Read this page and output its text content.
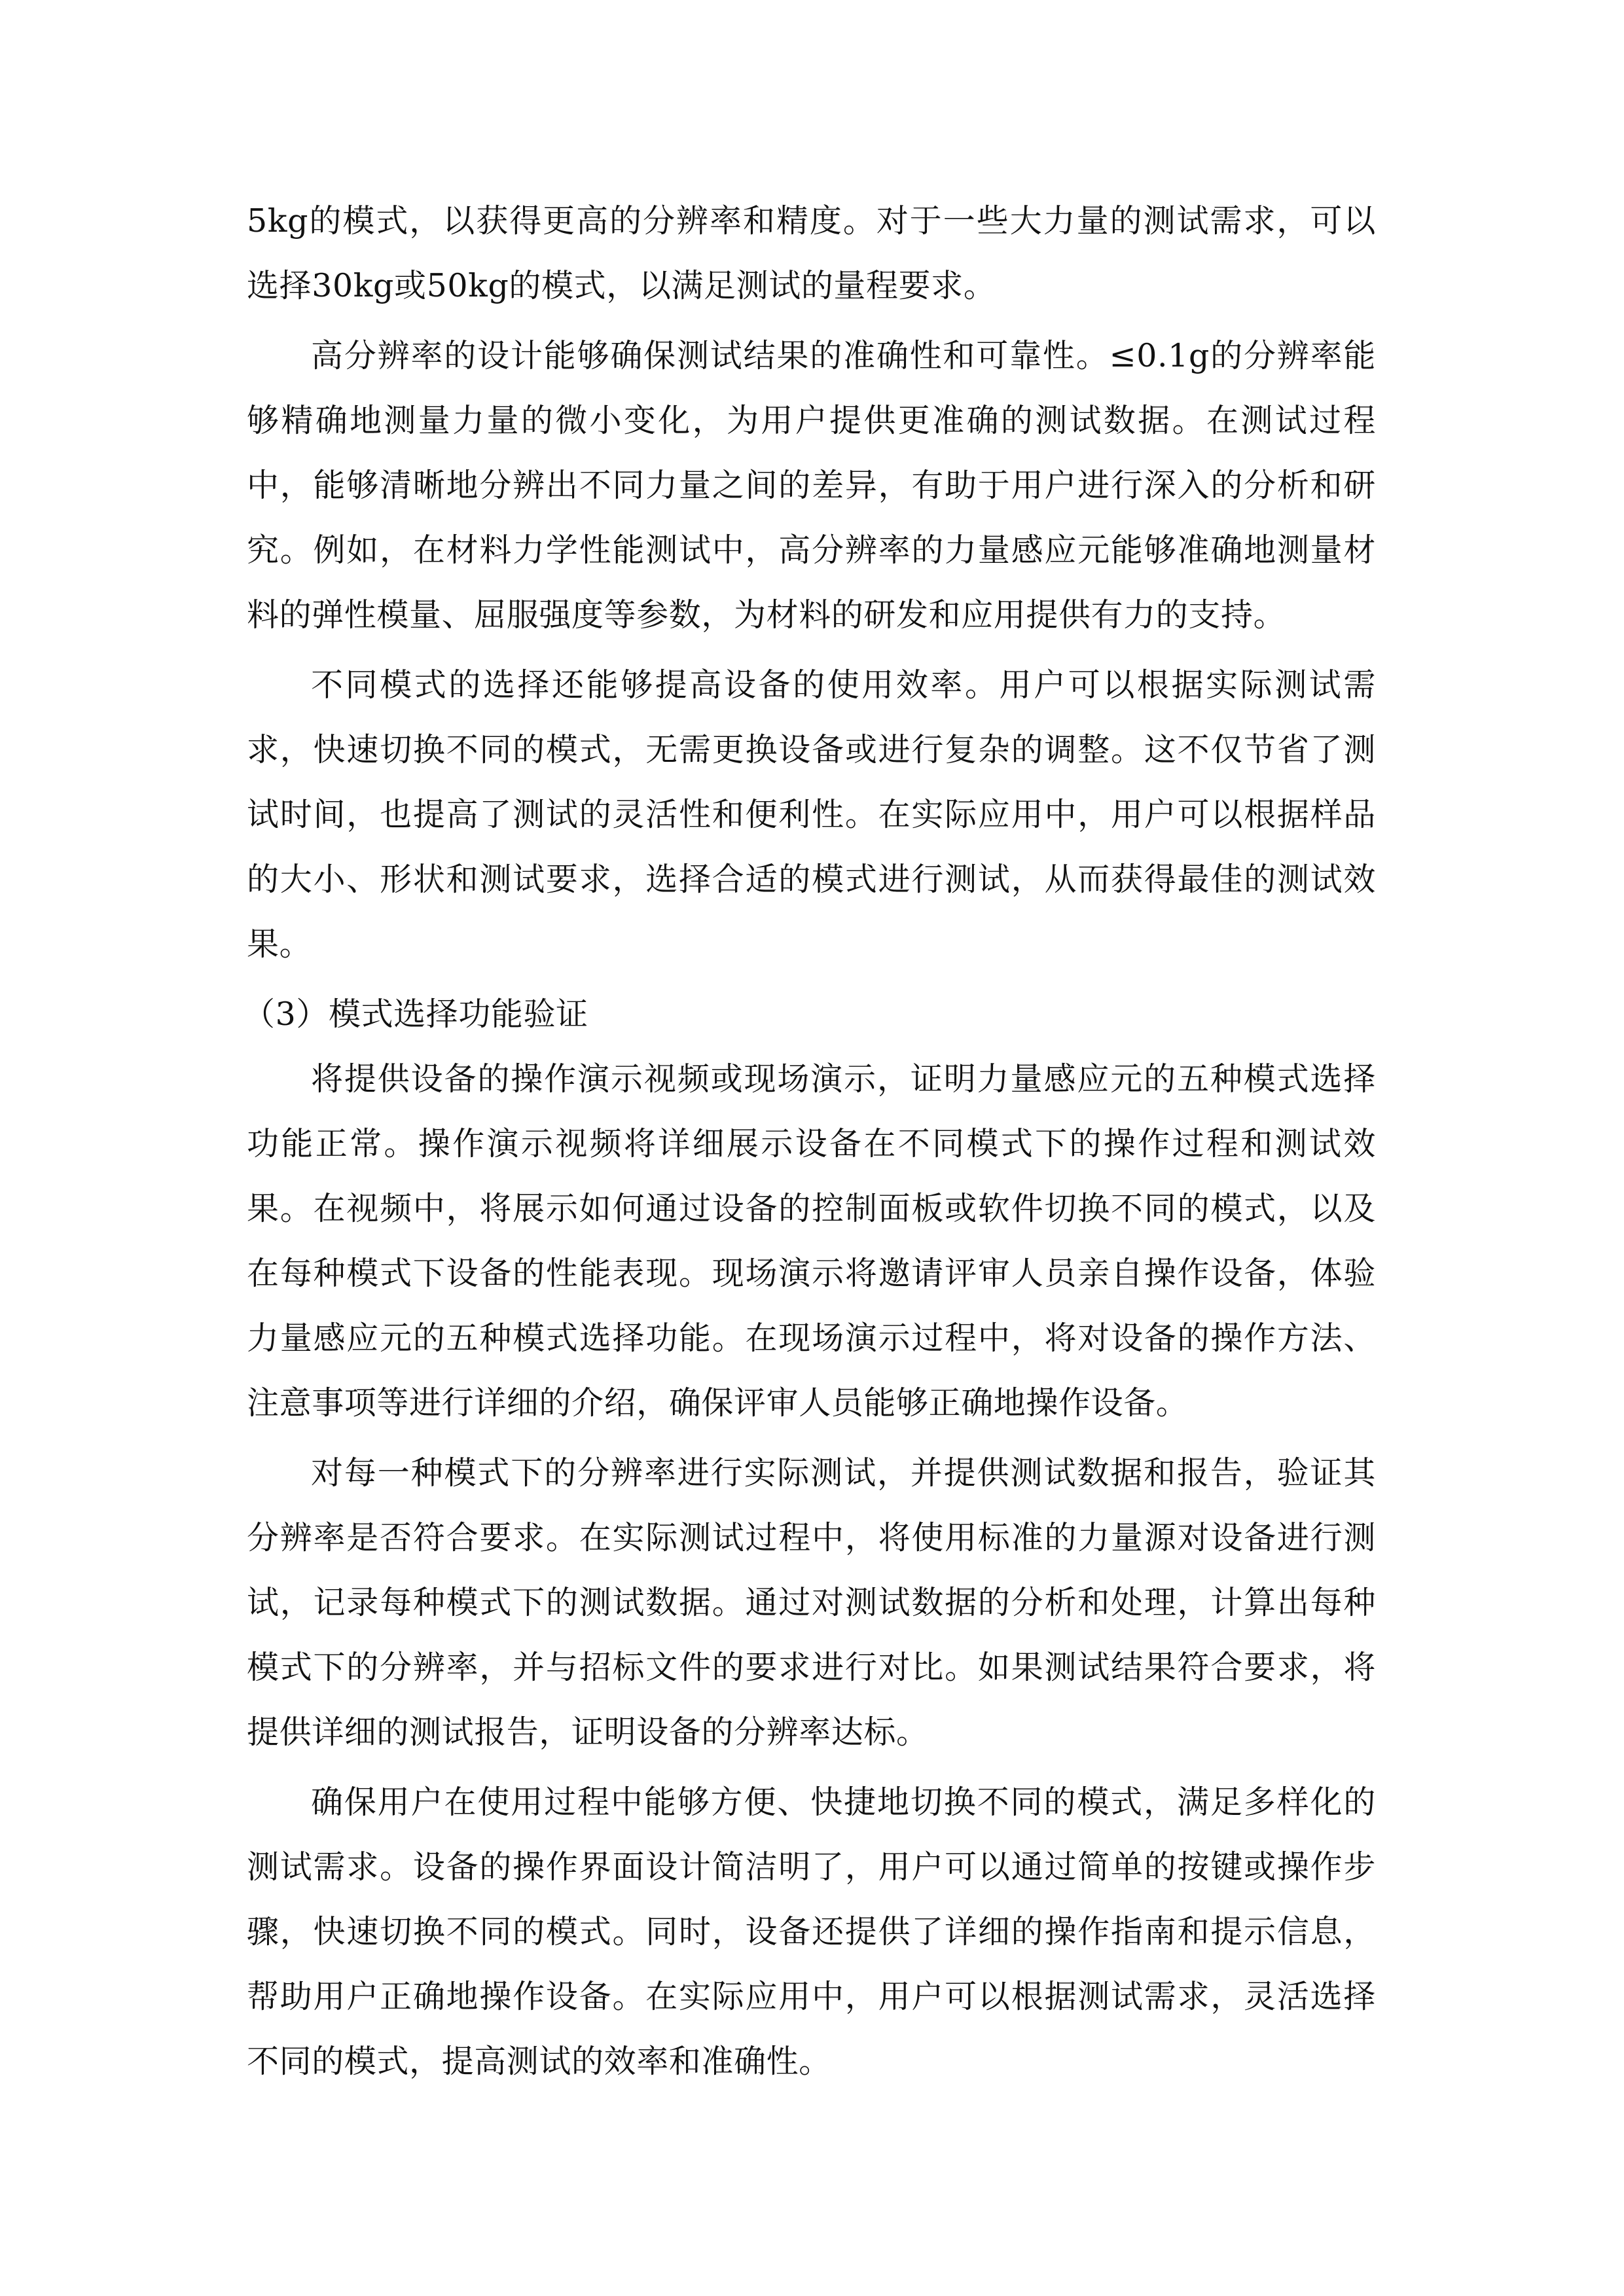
5kg的模式，以获得更高的分辨率和精度。对于一些大力量的测试需求，可以选择30kg或50kg的模式，以满足测试的量程要求。

高分辨率的设计能够确保测试结果的准确性和可靠性。≤0.1g的分辨率能够精确地测量力量的微小变化，为用户提供更准确的测试数据。在测试过程中，能够清晰地分辨出不同力量之间的差异，有助于用户进行深入的分析和研究。例如，在材料力学性能测试中，高分辨率的力量感应元能够准确地测量材料的弹性模量、屈服强度等参数，为材料的研发和应用提供有力的支持。

不同模式的选择还能够提高设备的使用效率。用户可以根据实际测试需求，快速切换不同的模式，无需更换设备或进行复杂的调整。这不仅节省了测试时间，也提高了测试的灵活性和便利性。在实际应用中，用户可以根据样品的大小、形状和测试要求，选择合适的模式进行测试，从而获得最佳的测试效果。

（3）模式选择功能验证

将提供设备的操作演示视频或现场演示，证明力量感应元的五种模式选择功能正常。操作演示视频将详细展示设备在不同模式下的操作过程和测试效果。在视频中，将展示如何通过设备的控制面板或软件切换不同的模式，以及在每种模式下设备的性能表现。现场演示将邀请评审人员亲自操作设备，体验力量感应元的五种模式选择功能。在现场演示过程中，将对设备的操作方法、注意事项等进行详细的介绍，确保评审人员能够正确地操作设备。

对每一种模式下的分辨率进行实际测试，并提供测试数据和报告，验证其分辨率是否符合要求。在实际测试过程中，将使用标准的力量源对设备进行测试，记录每种模式下的测试数据。通过对测试数据的分析和处理，计算出每种模式下的分辨率，并与招标文件的要求进行对比。如果测试结果符合要求，将提供详细的测试报告，证明设备的分辨率达标。

确保用户在使用过程中能够方便、快捷地切换不同的模式，满足多样化的测试需求。设备的操作界面设计简洁明了，用户可以通过简单的按键或操作步骤，快速切换不同的模式。同时，设备还提供了详细的操作指南和提示信息，帮助用户正确地操作设备。在实际应用中，用户可以根据测试需求，灵活选择不同的模式，提高测试的效率和准确性。
